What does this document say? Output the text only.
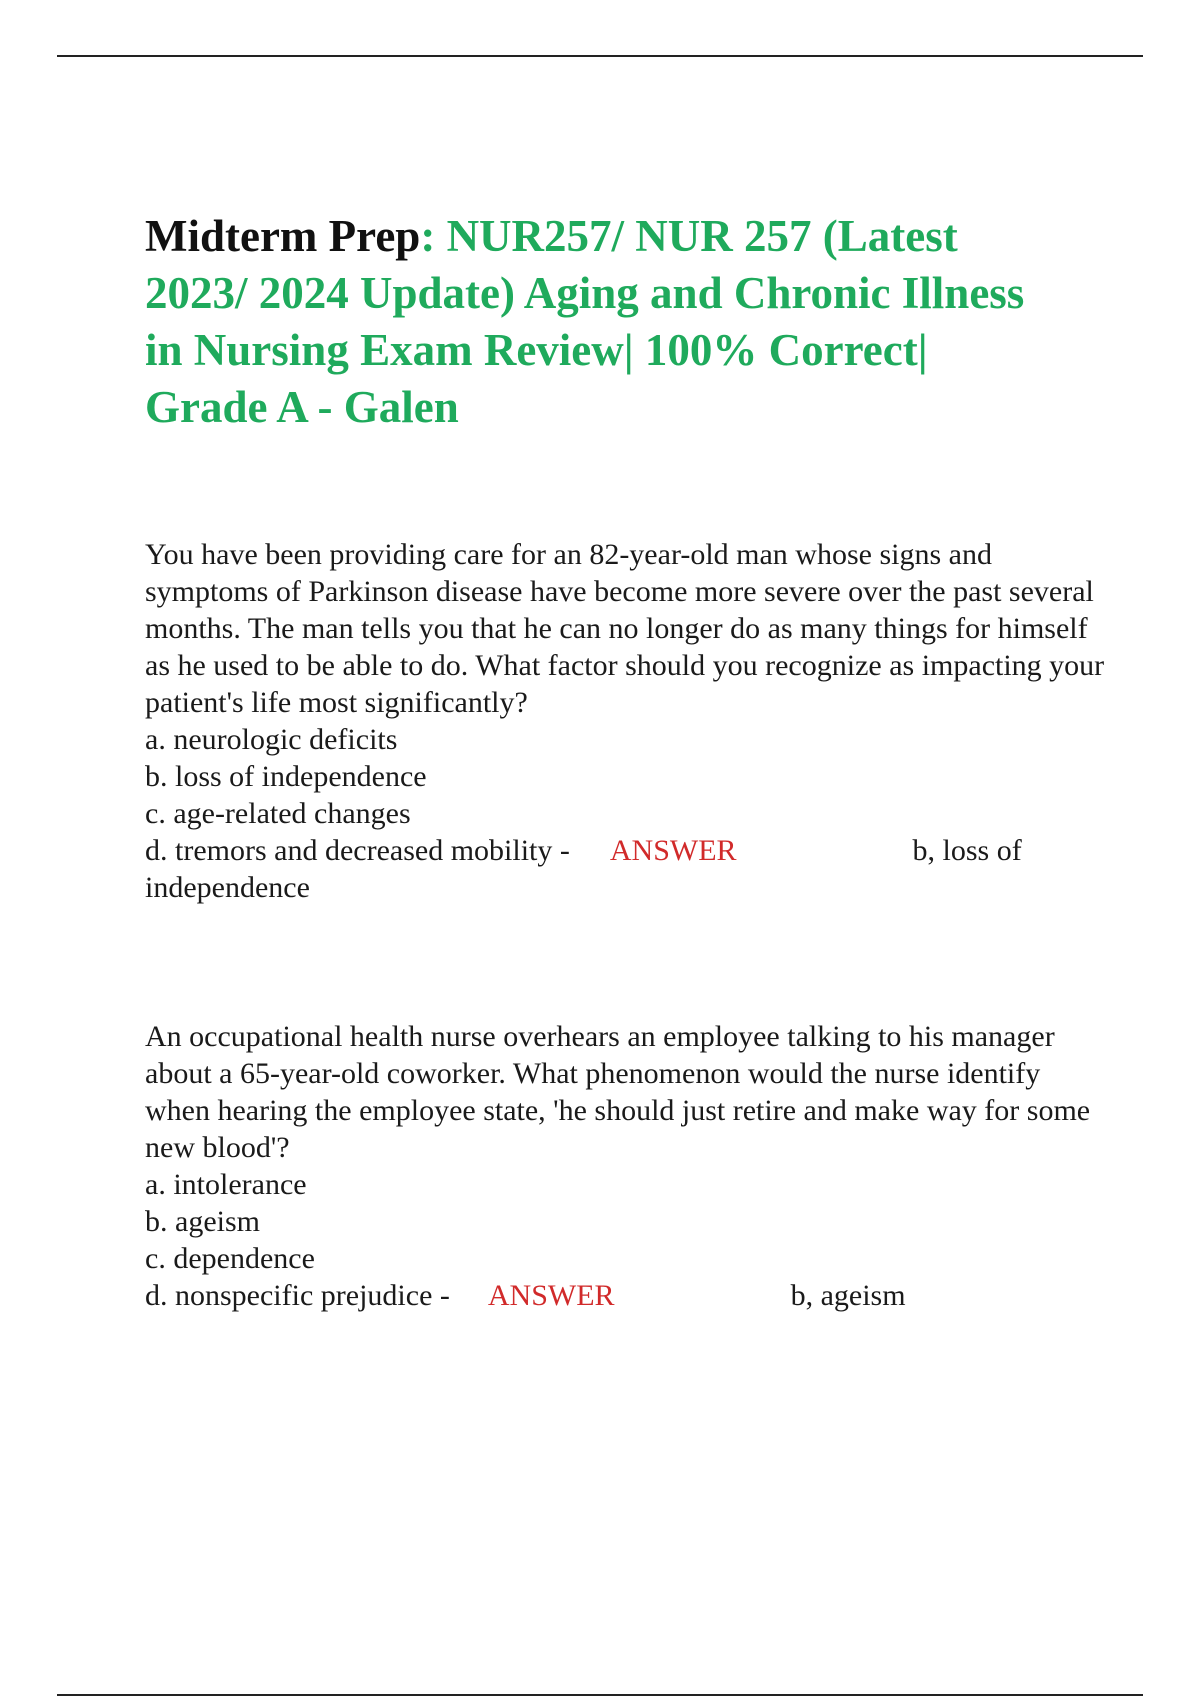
Midterm Prep: NUR257/ NUR 257 (Latest 2023/ 2024 Update) Aging and Chronic Illness in Nursing Exam Review| 100% Correct| Grade A - Galen

You have been providing care for an 82-year-old man whose signs and symptoms of Parkinson disease have become more severe over the past several months. The man tells you that he can no longer do as many things for himself as he used to be able to do. What factor should you recognize as impacting your patient's life most significantly?

a. neurologic deficits
b. loss of independence
c. age-related changes
d. tremors and decreased mobility - ANSWER	b, loss of independence

An occupational health nurse overhears an employee talking to his manager about a 65-year-old coworker. What phenomenon would the nurse identify when hearing the employee state, 'he should just retire and make way for some new blood'?

a. intolerance
b. ageism
c. dependence
d. nonspecific prejudice - ANSWER	b, ageism
